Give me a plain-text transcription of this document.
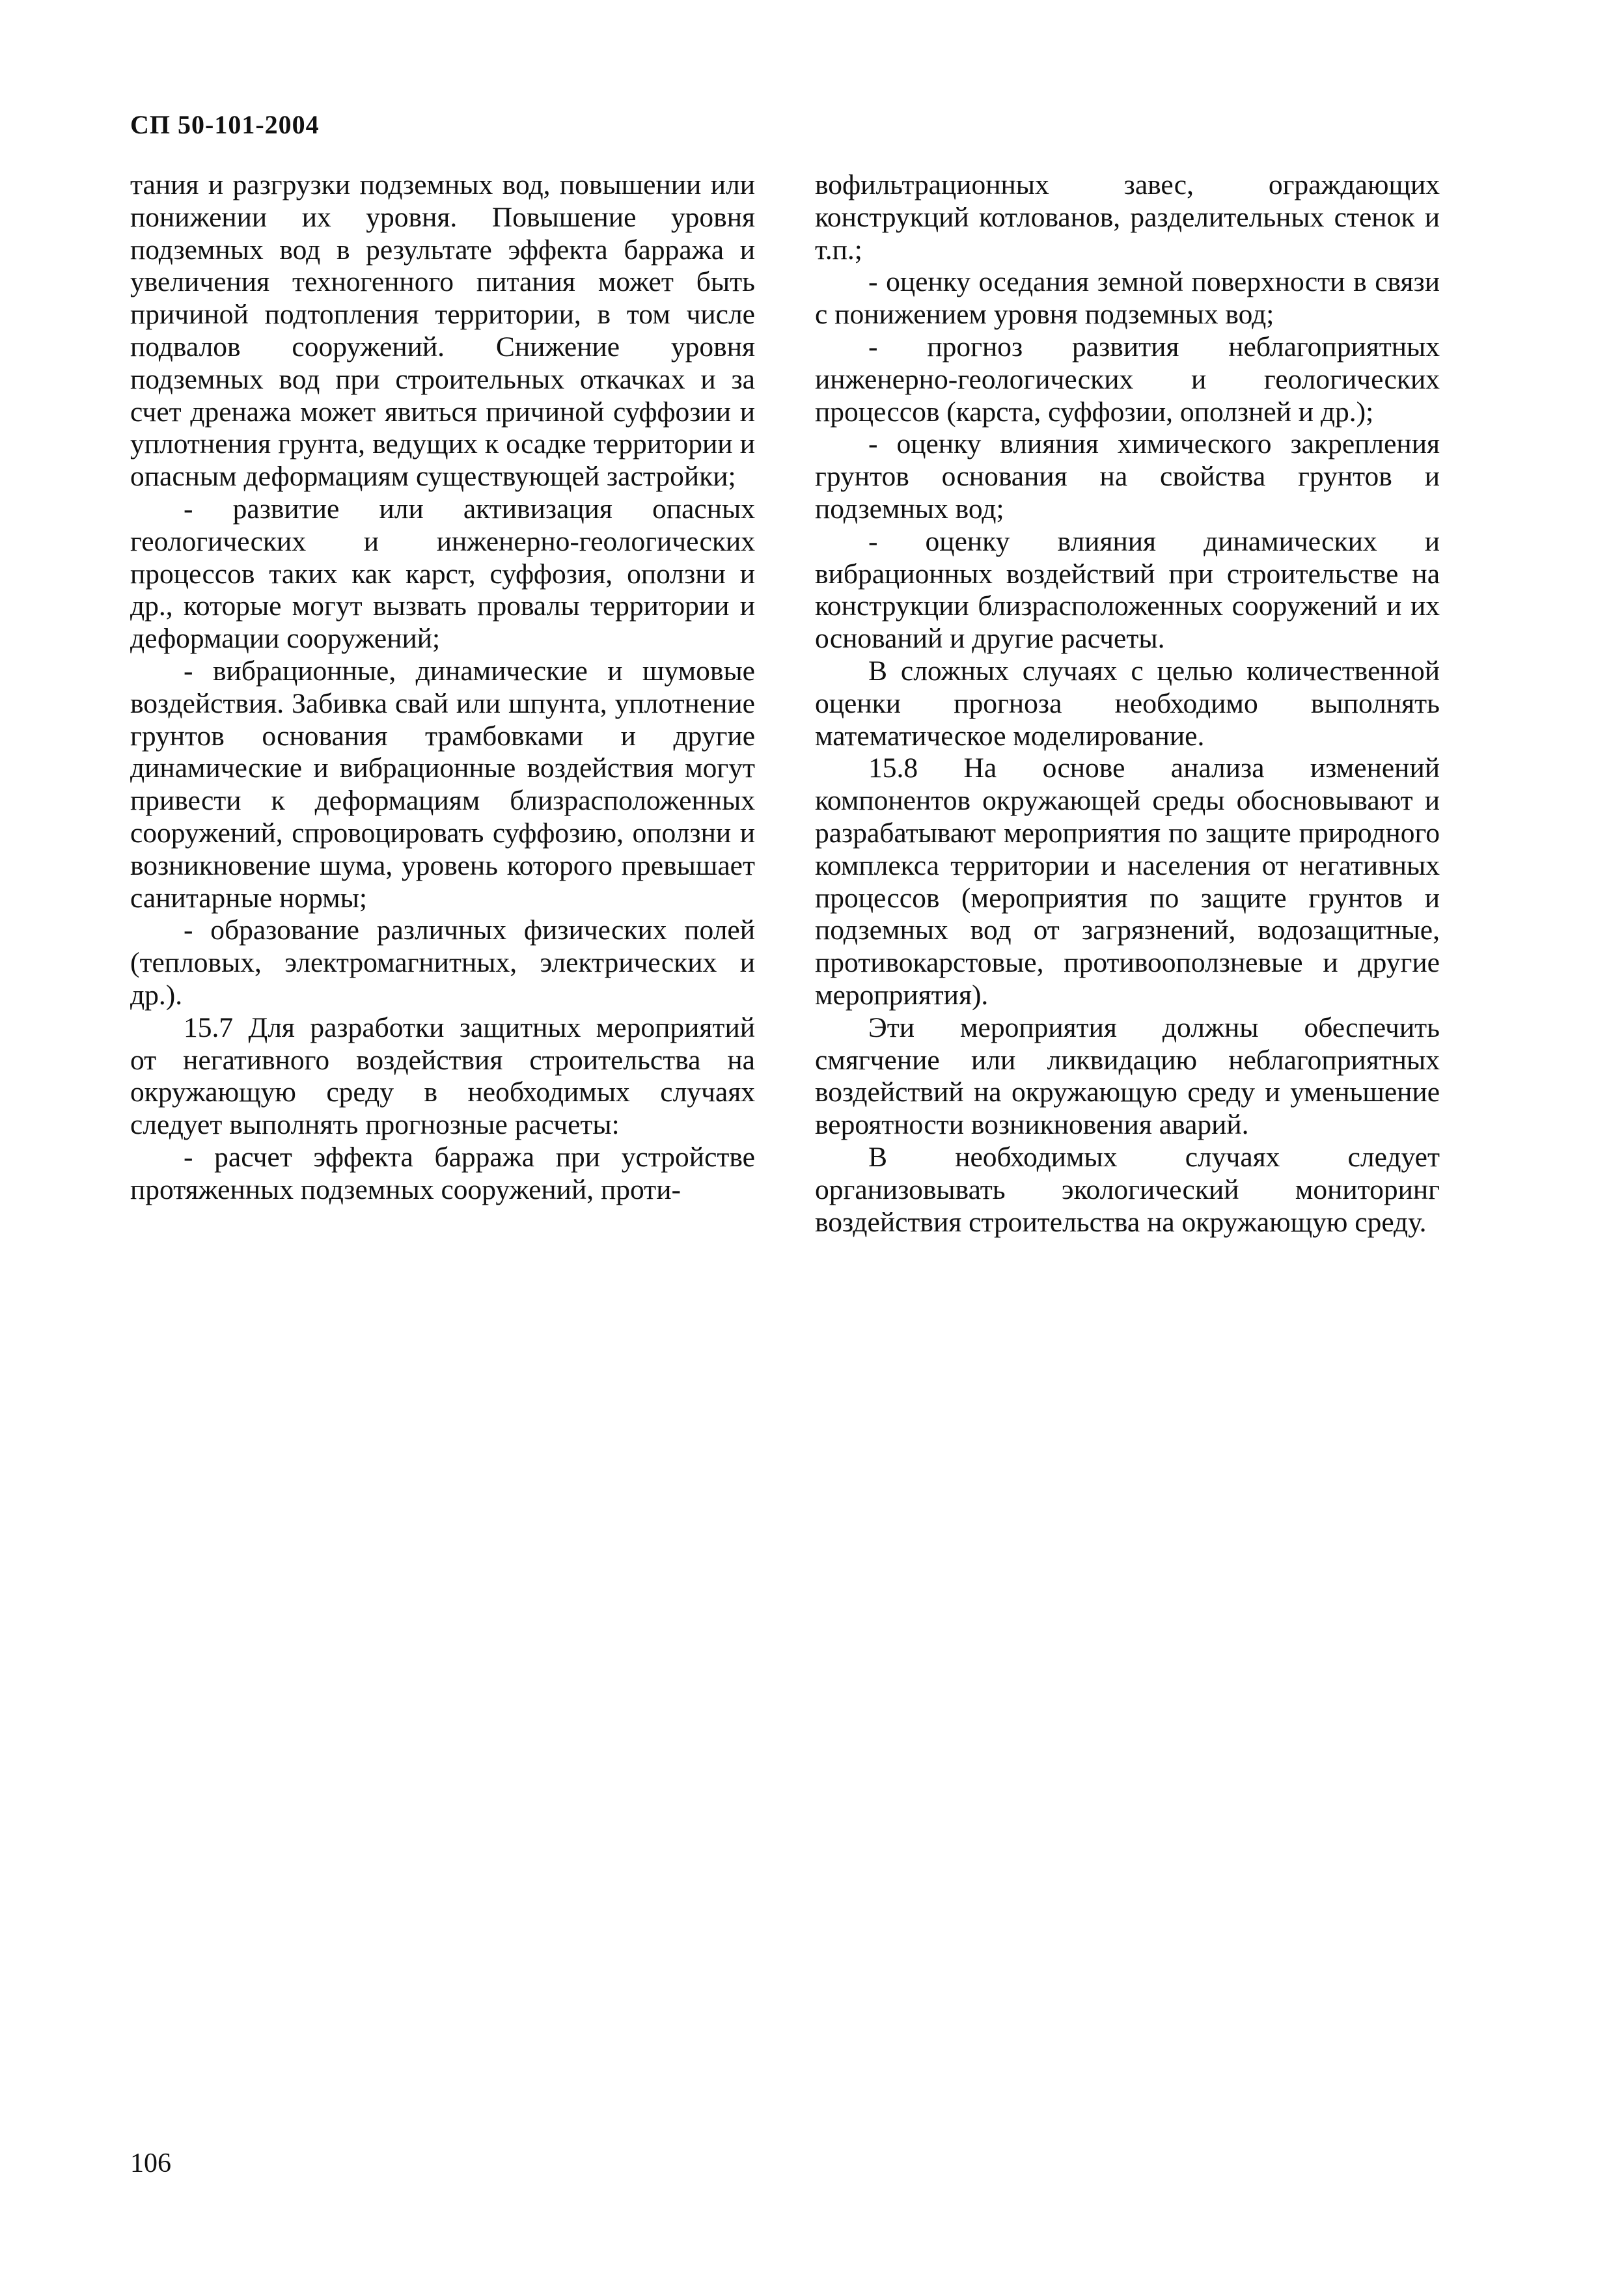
СП 50-101-2004

тания и разгрузки подземных вод, повышении или понижении их уровня. Повышение уровня подземных вод в результате эффекта барража и увеличения техногенного питания может быть причиной подтопления территории, в том числе подвалов сооружений. Снижение уровня подземных вод при строительных откачках и за счет дренажа может явиться причиной суффозии и уплотнения грунта, ведущих к осадке территории и опасным деформациям существующей застройки;

- развитие или активизация опасных геологических и инженерно-геологических процессов таких как карст, суффозия, оползни и др., которые могут вызвать провалы территории и деформации сооружений;

- вибрационные, динамические и шумовые воздействия. Забивка свай или шпунта, уплотнение грунтов основания трамбовками и другие динамические и вибрационные воздействия могут привести к деформациям близрасположенных сооружений, спровоцировать суффозию, оползни и возникновение шума, уровень которого превышает санитарные нормы;

- образование различных физических полей (тепловых, электромагнитных, электрических и др.).

15.7 Для разработки защитных мероприятий от негативного воздействия строительства на окружающую среду в необходимых случаях следует выполнять прогнозные расчеты:

- расчет эффекта барража при устройстве протяженных подземных сооружений, проти-

вофильтрационных завес, ограждающих конструкций котлованов, разделительных стенок и т.п.;

- оценку оседания земной поверхности в связи с понижением уровня подземных вод;

- прогноз развития неблагоприятных инженерно-геологических и геологических процессов (карста, суффозии, оползней и др.);

- оценку влияния химического закрепления грунтов основания на свойства грунтов и подземных вод;

- оценку влияния динамических и вибрационных воздействий при строительстве на конструкции близрасположенных сооружений и их оснований и другие расчеты.

В сложных случаях с целью количественной оценки прогноза необходимо выполнять математическое моделирование.

15.8 На основе анализа изменений компонентов окружающей среды обосновывают и разрабатывают мероприятия по защите природного комплекса территории и населения от негативных процессов (мероприятия по защите грунтов и подземных вод от загрязнений, водозащитные, противокарстовые, противооползневые и другие мероприятия).

Эти мероприятия должны обеспечить смягчение или ликвидацию неблагоприятных воздействий на окружающую среду и уменьшение вероятности возникновения аварий.

В необходимых случаях следует организовывать экологический мониторинг воздействия строительства на окружающую среду.

106
